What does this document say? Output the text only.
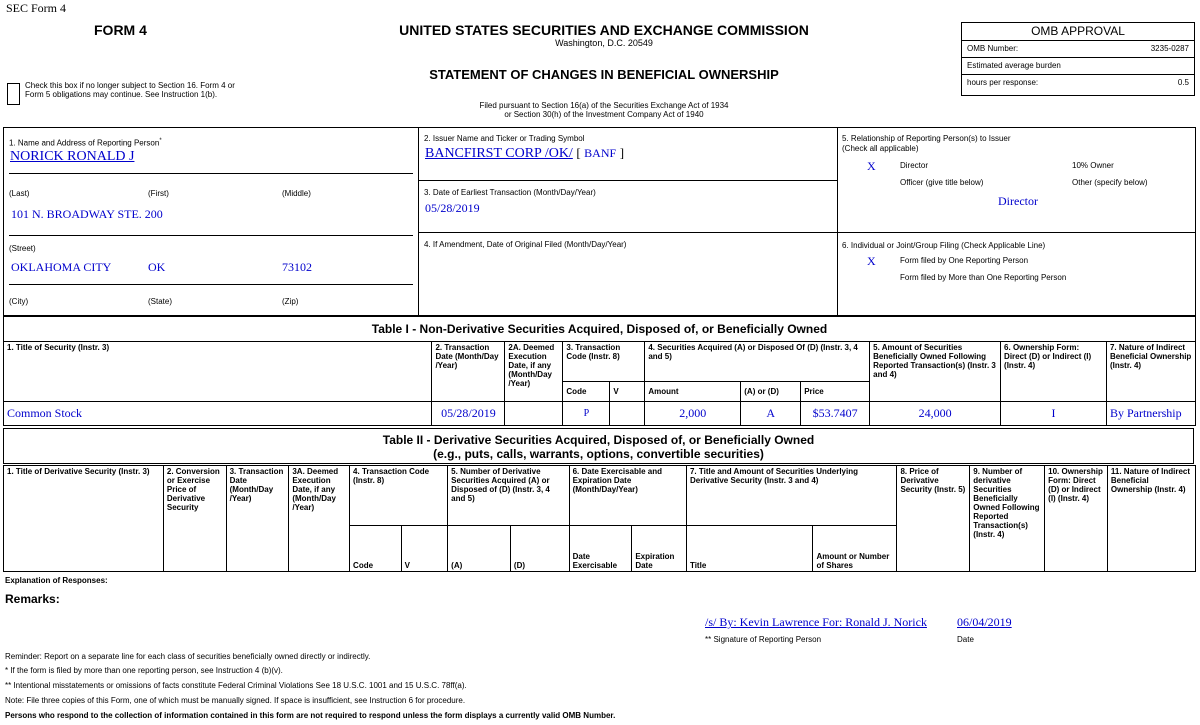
SEC Form 4
FORM 4	UNITED STATES SECURITIES AND EXCHANGE COMMISSION
Washington, D.C. 20549
STATEMENT OF CHANGES IN BENEFICIAL OWNERSHIP
Filed pursuant to Section 16(a) of the Securities Exchange Act of 1934
or Section 30(h) of the Investment Company Act of 1940
Check this box if no longer subject to Section 16. Form 4 or Form 5 obligations may continue. See Instruction 1(b).
OMB APPROVAL
OMB Number:	3235-0287
Estimated average burden
hours per response:	0.5
1. Name and Address of Reporting Person*
NORICK RONALD J
(Last)	(First)	(Middle)
101 N. BROADWAY STE. 200
(Street)
OKLAHOMA CITY	OK	73102
(City)	(State)	(Zip)
2. Issuer Name and Ticker or Trading Symbol
BANCFIRST CORP /OK/ [ BANF ]
3. Date of Earliest Transaction (Month/Day/Year)
05/28/2019
4. If Amendment, Date of Original Filed (Month/Day/Year)
5. Relationship of Reporting Person(s) to Issuer
(Check all applicable)
X	Director	10% Owner
Officer (give title below)	Other (specify below)
Director
6. Individual or Joint/Group Filing (Check Applicable Line)
X	Form filed by One Reporting Person
Form filed by More than One Reporting Person
Table I - Non-Derivative Securities Acquired, Disposed of, or Beneficially Owned
1. Title of Security (Instr. 3)	2. Transaction Date (Month/Day /Year)	2A. Deemed Execution Date, if any (Month/Day /Year)	3. Transaction Code (Instr. 8)		4. Securities Acquired (A) or Disposed Of (D) (Instr. 3, 4 and 5)			5. Amount of Securities Beneficially Owned Following Reported Transaction(s) (Instr. 3 and 4)	6. Ownership Form: Direct (D) or Indirect (I) (Instr. 4)	7. Nature of Indirect Beneficial Ownership (Instr. 4)
			Code	V	Amount	(A) or (D)	Price			
Common Stock	05/28/2019		P		2,000	A	$53.7407	24,000	I	By Partnership
Table II - Derivative Securities Acquired, Disposed of, or Beneficially Owned
(e.g., puts, calls, warrants, options, convertible securities)
1. Title of Derivative Security (Instr. 3)	2. Conversion or Exercise Price of Derivative Security	3. Transaction Date (Month/Day /Year)	3A. Deemed Execution Date, if any (Month/Day /Year)	4. Transaction Code (Instr. 8)		5. Number of Derivative Securities Acquired (A) or Disposed of (D) (Instr. 3, 4 and 5)		6. Date Exercisable and Expiration Date (Month/Day/Year)		7. Title and Amount of Securities Underlying Derivative Security (Instr. 3 and 4)		8. Price of Derivative Security (Instr. 5)	9. Number of derivative Securities Beneficially Owned Following Reported Transaction(s) (Instr. 4)	10. Ownership Form: Direct (D) or Indirect (I) (Instr. 4)	11. Nature of Indirect Beneficial Ownership (Instr. 4)
				Code	V	(A)	(D)	Date Exercisable	Expiration Date	Title	Amount or Number of Shares				
Explanation of Responses:
Remarks:
/s/ By: Kevin Lawrence For: Ronald J. Norick	06/04/2019
** Signature of Reporting Person	Date
Reminder: Report on a separate line for each class of securities beneficially owned directly or indirectly.
* If the form is filed by more than one reporting person, see Instruction 4 (b)(v).
** Intentional misstatements or omissions of facts constitute Federal Criminal Violations See 18 U.S.C. 1001 and 15 U.S.C. 78ff(a).
Note: File three copies of this Form, one of which must be manually signed. If space is insufficient, see Instruction 6 for procedure.
Persons who respond to the collection of information contained in this form are not required to respond unless the form displays a currently valid OMB Number.
